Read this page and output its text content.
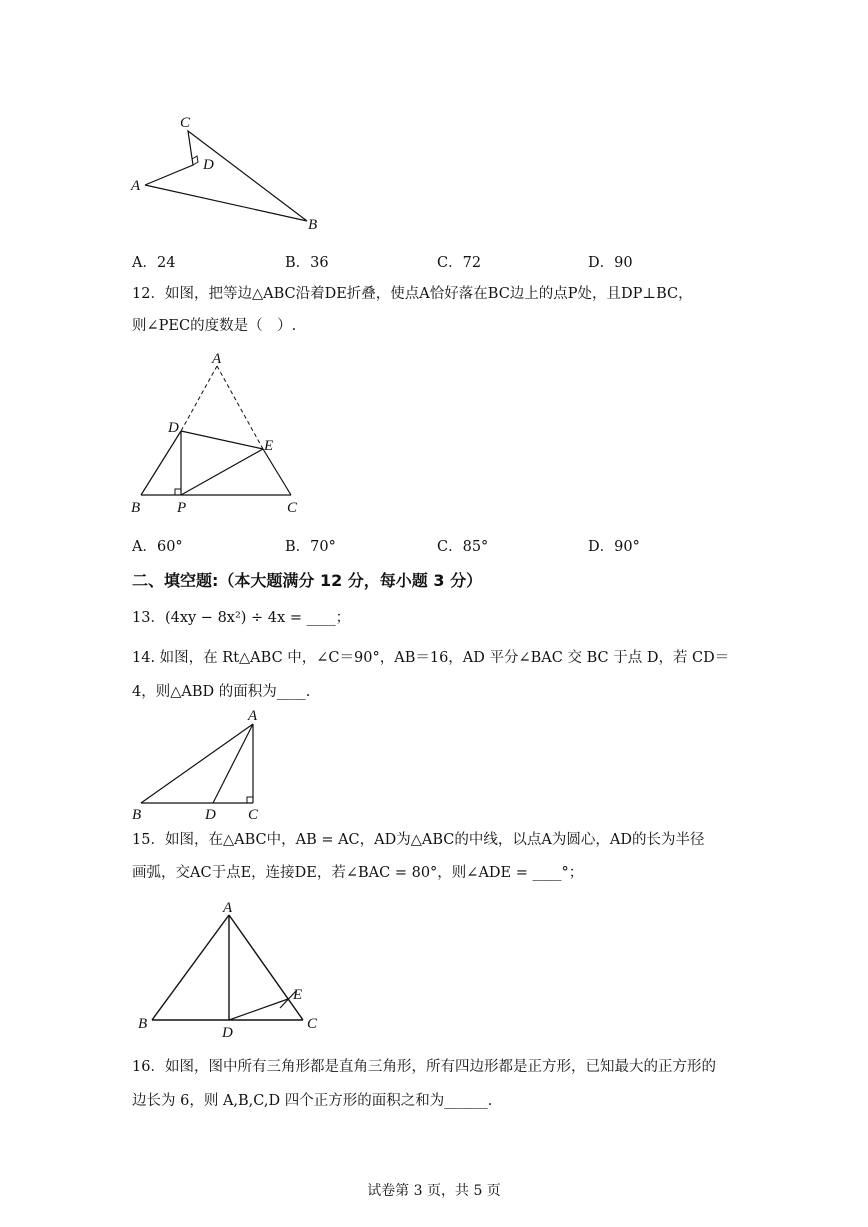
C
D
A
B
A．24	B．36	C．72	D．90
12．如图，把等边△ABC沿着DE折叠，使点A恰好落在BC边上的点P处，且DP⊥BC，
则∠PEC的度数是（　）.
A
D
E
B P	C
A．60°	B．70°	C．85°	D．90°
二、填空题:（本大题满分 12 分，每小题 3 分）
13．(4xy − 8x²) ÷ 4x = ____；
14. 如图，在 Rt△ABC 中，∠C＝90°，AB＝16，AD 平分∠BAC 交 BC 于点 D，若 CD＝
4，则△ABD 的面积为____.
A
B	D C
15．如图，在△ABC中，AB = AC，AD为△ABC的中线，以点A为圆心，AD的长为半径
画弧，交AC于点E，连接DE，若∠BAC = 80°，则∠ADE = ____°；
A
B
D
C
E
16．如图，图中所有三角形都是直角三角形，所有四边形都是正方形，已知最大的正方形的
边长为 6，则 A,B,C,D 四个正方形的面积之和为______.
试卷第 3 页，共 5 页
